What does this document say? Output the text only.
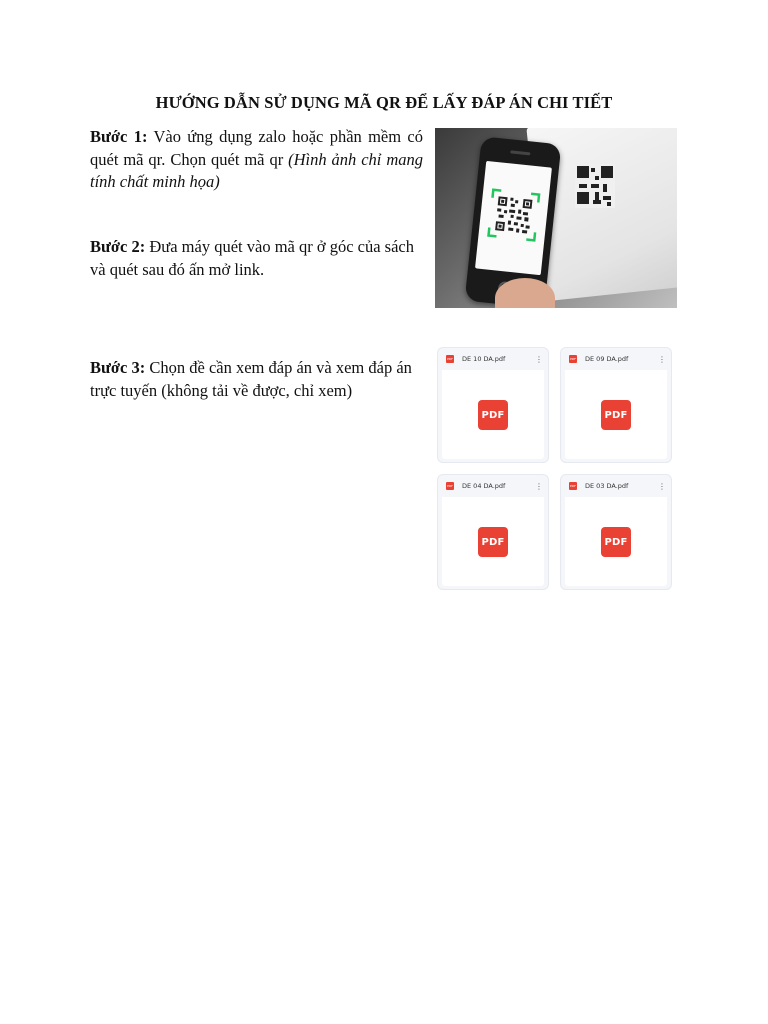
HƯỚNG DẪN SỬ DỤNG MÃ QR ĐỂ LẤY ĐÁP ÁN CHI TIẾT
Bước 1: Vào ứng dụng zalo hoặc phần mềm có quét mã qr. Chọn quét mã qr (Hình ảnh chỉ mang tính chất minh họa)
Bước 2: Đưa máy quét vào mã qr ở góc của sách và quét sau đó ấn mở link.
Bước 3: Chọn đề cần xem đáp án và xem đáp án trực tuyến (không tải về được, chỉ xem)
PDF DE 10 DA.pdf	⋮
PDF
PDF DE 09 DA.pdf	⋮
PDF
PDF DE 04 DA.pdf	⋮
PDF
PDF DE 03 DA.pdf	⋮
PDF
